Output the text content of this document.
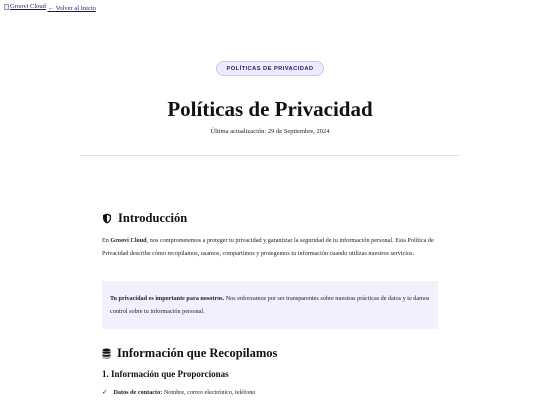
Groovi Cloud ← Volver al Inicio
POLÍTICAS DE PRIVACIDAD
Políticas de Privacidad
Última actualización: 29 de Septiembre, 2024
Introducción
En Groovi Cloud, nos comprometemos a proteger tu privacidad y garantizar la seguridad de tu información personal. Esta Política de Privacidad describe cómo recopilamos, usamos, compartimos y protegemos tu información cuando utilizas nuestros servicios.
Tu privacidad es importante para nosotros. Nos enforzamos por ser transparentes sobre nuestras prácticas de datos y te damos control sobre tu información personal.
Información que Recopilamos
1. Información que Proporcionas
✓ Datos de contacto: Nombre, correo electrónico, teléfono
